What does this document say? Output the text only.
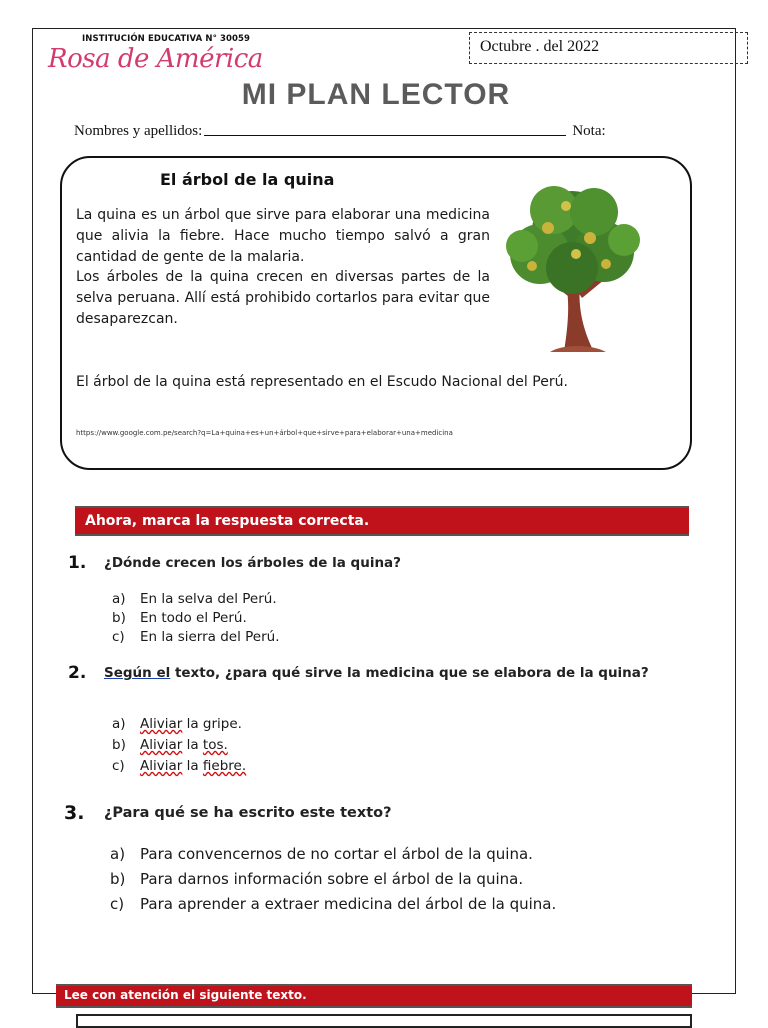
INSTITUCIÓN EDUCATIVA N° 30059
Rosa de América	Octubre . del 2022
MI PLAN LECTOR
Nombres y apellidos:	Nota:
El árbol de la quina

La quina es un árbol que sirve para elaborar una medicina que alivia la fiebre. Hace mucho tiempo salvó a gran cantidad de gente de la malaria.

Los árboles de la quina crecen en diversas partes de la selva peruana. Allí está prohibido cortarlos para evitar que desaparezcan.

El árbol de la quina está representado en el Escudo Nacional del Perú.
https://www.google.com.pe/search?q=La+quina+es+un+árbol+que+sirve+para+elaborar+una+medicina
Ahora, marca la respuesta correcta.
1. ¿Dónde crecen los árboles de la quina?
a) En la selva del Perú.
b) En todo el Perú.
c) En la sierra del Perú.
2. Según el texto, ¿para qué sirve la medicina que se elabora de la quina?
a) Aliviar la gripe.
b) Aliviar la tos.
c) Aliviar la fiebre.
3. ¿Para qué se ha escrito este texto?
a) Para convencernos de no cortar el árbol de la quina.
b) Para darnos información sobre el árbol de la quina.
c) Para aprender a extraer medicina del árbol de la quina.
Lee con atención el siguiente texto.
